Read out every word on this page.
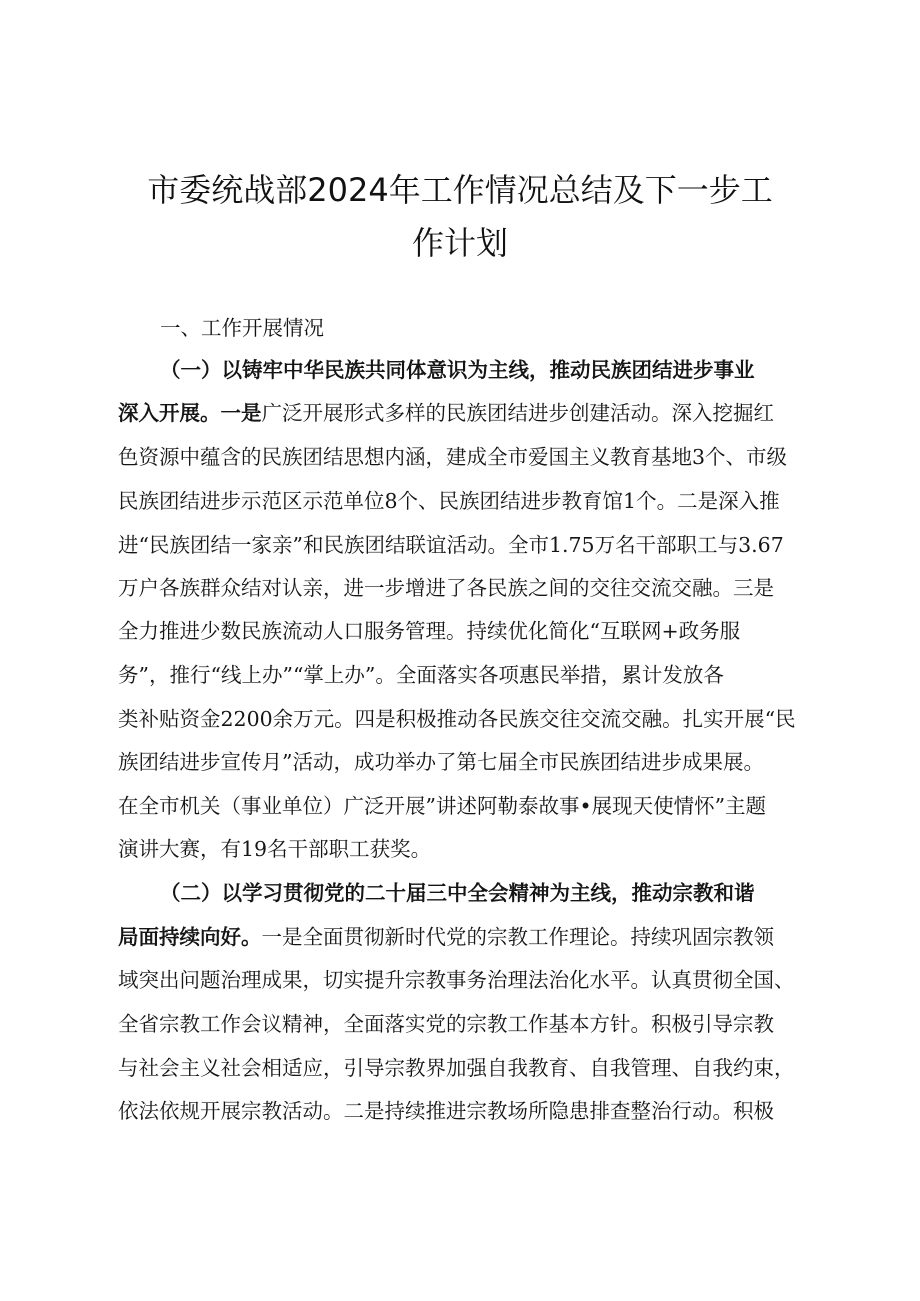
市委统战部2024年工作情况总结及下一步工
作计划
一、工作开展情况
（一）以铸牢中华民族共同体意识为主线，推动民族团结进步事业
深入开展。一是广泛开展形式多样的民族团结进步创建活动。深入挖掘红
色资源中蕴含的民族团结思想内涵，建成全市爱国主义教育基地3个、市级
民族团结进步示范区示范单位8个、民族团结进步教育馆1个。二是深入推
进“民族团结一家亲”和民族团结联谊活动。全市1.75万名干部职工与3.67
万户各族群众结对认亲，进一步增进了各民族之间的交往交流交融。三是
全力推进少数民族流动人口服务管理。持续优化简化“互联网+政务服
务”，推行“线上办”“掌上办”。全面落实各项惠民举措，累计发放各
类补贴资金2200余万元。四是积极推动各民族交往交流交融。扎实开展“民
族团结进步宣传月”活动，成功举办了第七届全市民族团结进步成果展。
在全市机关（事业单位）广泛开展”讲述阿勒泰故事•展现天使情怀”主题
演讲大赛，有19名干部职工获奖。
（二）以学习贯彻党的二十届三中全会精神为主线，推动宗教和谐
局面持续向好。一是全面贯彻新时代党的宗教工作理论。持续巩固宗教领
域突出问题治理成果，切实提升宗教事务治理法治化水平。认真贯彻全国、
全省宗教工作会议精神，全面落实党的宗教工作基本方针。积极引导宗教
与社会主义社会相适应，引导宗教界加强自我教育、自我管理、自我约束，
依法依规开展宗教活动。二是持续推进宗教场所隐患排查整治行动。积极
